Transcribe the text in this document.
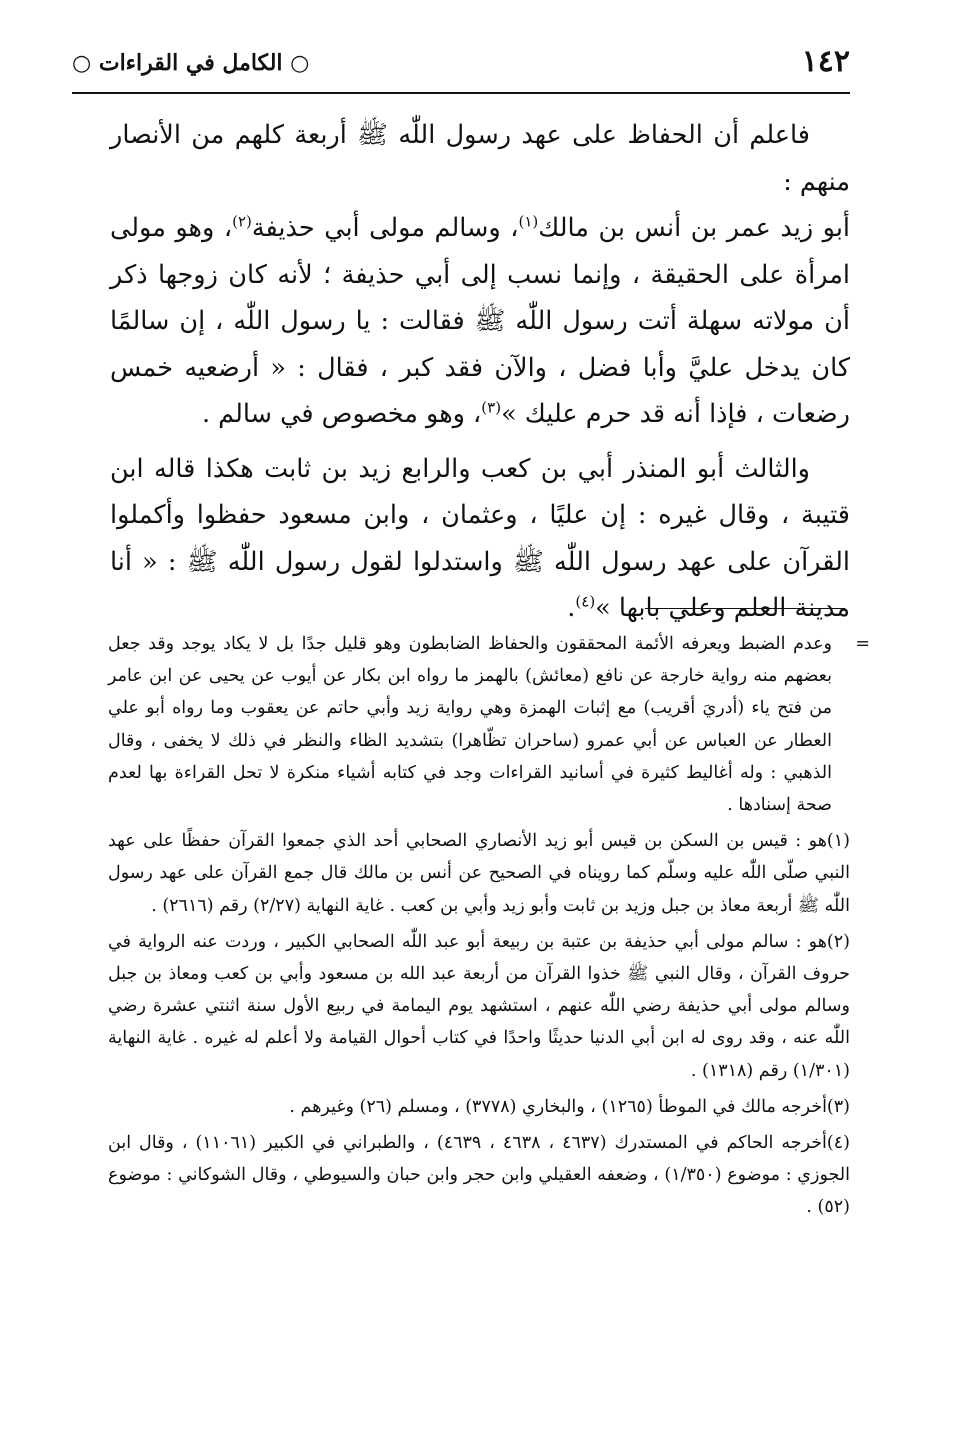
١٤٢
○ الكامل في القراءات ○

فاعلم أن الحفاظ على عهد رسول اللّٰه ﷺ أربعة كلهم من الأنصار منهم :

أبو زيد عمر بن أنس بن مالك$^{(١)}$، وسالم مولى أبي حذيفة$^{(٢)}$، وهو مولى امرأة على الحقيقة ، وإنما نسب إلى أبي حذيفة ؛ لأنه كان زوجها ذكر أن مولاته سهلة أتت رسول اللّٰه ﷺ فقالت : يا رسول اللّٰه ، إن سالمًا كان يدخل عليَّ وأبا فضل ، والآن فقد كبر ، فقال : « أرضعيه خمس رضعات ، فإذا أنه قد حرم عليك »$^{(٣)}$، وهو مخصوص في سالم .

والثالث أبو المنذر أبي بن كعب والرابع زيد بن ثابت هكذا قاله ابن قتيبة ، وقال غيره : إن عليًا ، وعثمان ، وابن مسعود حفظوا وأكملوا القرآن على عهد رسول اللّٰه ﷺ واستدلوا لقول رسول اللّٰه ﷺ : « أنا مدينة العلم وعلي بابها »$^{(٤)}$.

=
وعدم الضبط ويعرفه الأئمة المحققون والحفاظ الضابطون وهو قليل جدًا بل لا يكاد يوجد وقد جعل بعضهم منه رواية خارجة عن نافع (معائش) بالهمز ما رواه ابن بكار عن أيوب عن يحيى عن ابن عامر من فتح ياء (أدريَ أقريب) مع إثبات الهمزة وهي رواية زيد وأبي حاتم عن يعقوب وما رواه أبو علي العطار عن العباس عن أبي عمرو (ساحران تظّاهرا) بتشديد الظاء والنظر في ذلك لا يخفى ، وقال الذهبي : وله أغاليط كثيرة في أسانيد القراءات وجد في كتابه أشياء منكرة لا تحل القراءة بها لعدم صحة إسنادها .

(١)هو : قيس بن السكن بن قيس أبو زيد الأنصاري الصحابي أحد الذي جمعوا القرآن حفظًا على عهد النبي صلّى اللّٰه عليه وسلّم كما رويناه في الصحيح عن أنس بن مالك قال جمع القرآن على عهد رسول اللّٰه ﷺ أربعة معاذ بن جبل وزيد بن ثابت وأبو زيد وأبي بن كعب . غاية النهاية (٢/٢٧) رقم (٢٦١٦) .

(٢)هو : سالم مولى أبي حذيفة بن عتبة بن ربيعة أبو عبد اللّٰه الصحابي الكبير ، وردت عنه الرواية في حروف القرآن ، وقال النبي ﷺ خذوا القرآن من أربعة عبد الله بن مسعود وأبي بن كعب ومعاذ بن جبل وسالم مولى أبي حذيفة رضي اللّٰه عنهم ، استشهد يوم اليمامة في ربيع الأول سنة اثنتي عشرة رضي اللّٰه عنه ، وقد روى له ابن أبي الدنيا حديثًا واحدًا في كتاب أحوال القيامة ولا أعلم له غيره . غاية النهاية (١/٣٠١) رقم (١٣١٨) .

(٣)أخرجه مالك في الموطأ (١٢٦٥) ، والبخاري (٣٧٧٨) ، ومسلم (٢٦) وغيرهم .

(٤)أخرجه الحاكم في المستدرك (٤٦٣٧ ، ٤٦٣٨ ، ٤٦٣٩) ، والطبراني في الكبير (١١٠٦١) ، وقال ابن الجوزي : موضوع (١/٣٥٠) ، وضعفه العقيلي وابن حجر وابن حبان والسيوطي ، وقال الشوكاني : موضوع (٥٢) .
